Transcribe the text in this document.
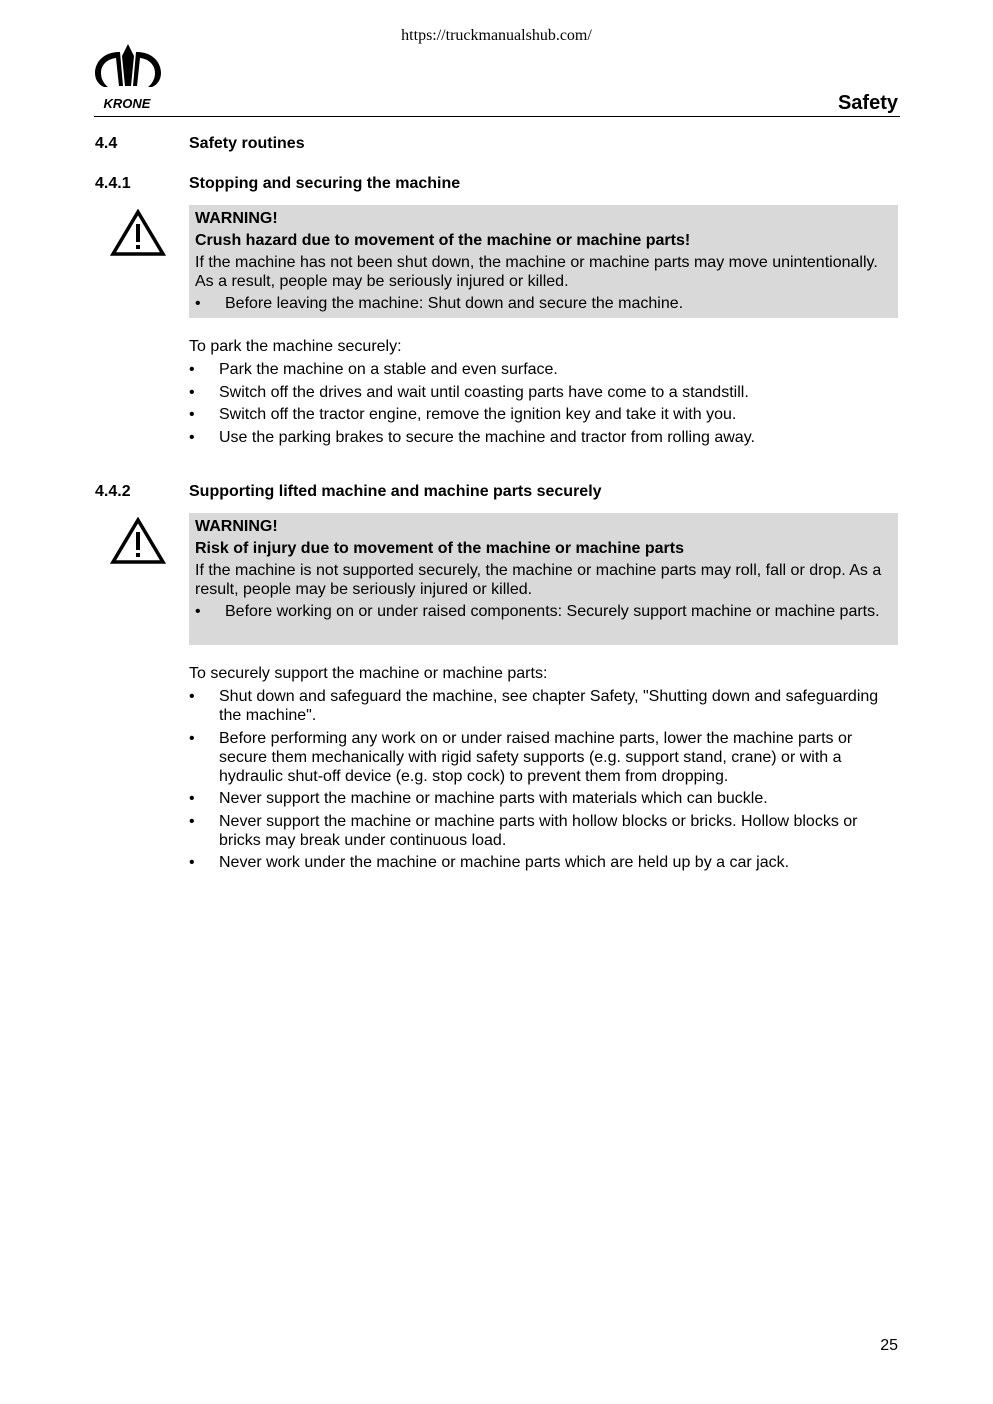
https://truckmanualshub.com/
KRONE	Safety
4.4	Safety routines
4.4.1	Stopping and securing the machine
WARNING!
Crush hazard due to movement of the machine or machine parts!
If the machine has not been shut down, the machine or machine parts may move unintentionally. As a result, people may be seriously injured or killed.
• Before leaving the machine: Shut down and secure the machine.
To park the machine securely:
• Park the machine on a stable and even surface.
• Switch off the drives and wait until coasting parts have come to a standstill.
• Switch off the tractor engine, remove the ignition key and take it with you.
• Use the parking brakes to secure the machine and tractor from rolling away.
4.4.2	Supporting lifted machine and machine parts securely
WARNING!
Risk of injury due to movement of the machine or machine parts
If the machine is not supported securely, the machine or machine parts may roll, fall or drop. As a result, people may be seriously injured or killed.
• Before working on or under raised components: Securely support machine or machine parts.
To securely support the machine or machine parts:
• Shut down and safeguard the machine, see chapter Safety, "Shutting down and safeguarding the machine".
• Before performing any work on or under raised machine parts, lower the machine parts or secure them mechanically with rigid safety supports (e.g. support stand, crane) or with a hydraulic shut-off device (e.g. stop cock) to prevent them from dropping.
• Never support the machine or machine parts with materials which can buckle.
• Never support the machine or machine parts with hollow blocks or bricks. Hollow blocks or bricks may break under continuous load.
• Never work under the machine or machine parts which are held up by a car jack.
25
